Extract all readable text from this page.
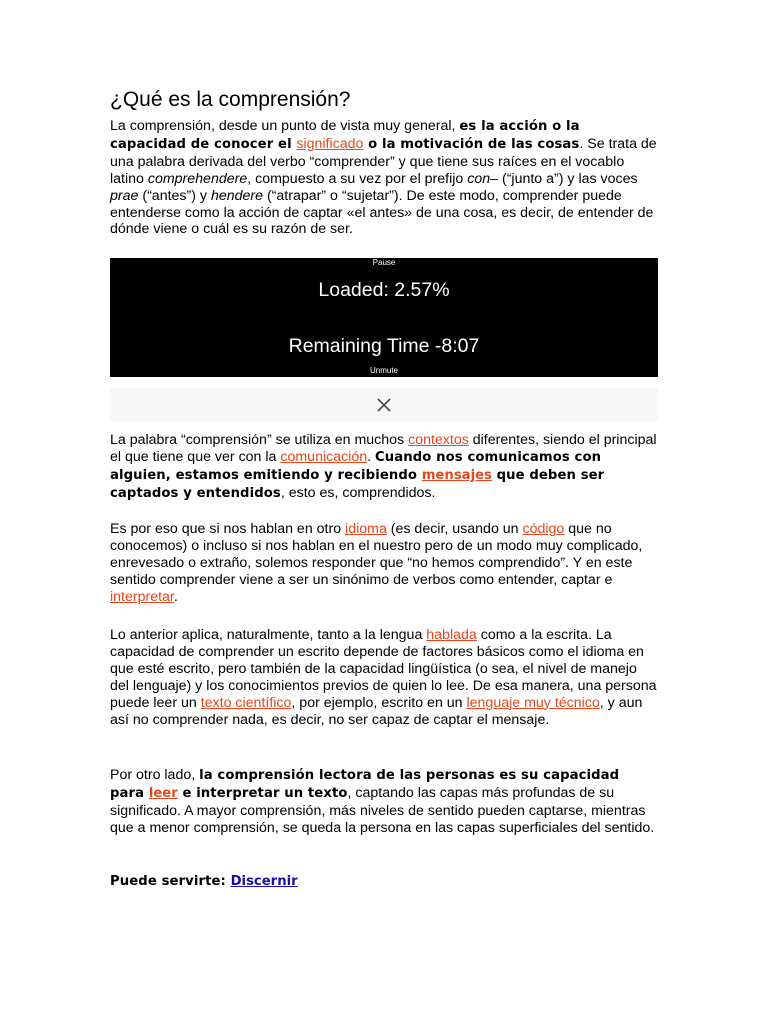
¿Qué es la comprensión?

La comprensión, desde un punto de vista muy general, es la acción o la capacidad de conocer el significado o la motivación de las cosas. Se trata de una palabra derivada del verbo “comprender” y que tiene sus raíces en el vocablo latino comprehendere, compuesto a su vez por el prefijo con– (“junto a”) y las voces prae (“antes”) y hendere (“atrapar” o “sujetar”). De este modo, comprender puede entenderse como la acción de captar «el antes» de una cosa, es decir, de entender de dónde viene o cuál es su razón de ser.

Pause
Loaded: 2.57%
Remaining Time -8:07
Unmute

La palabra “comprensión” se utiliza en muchos contextos diferentes, siendo el principal el que tiene que ver con la comunicación. Cuando nos comunicamos con alguien, estamos emitiendo y recibiendo mensajes que deben ser captados y entendidos, esto es, comprendidos.

Es por eso que si nos hablan en otro idioma (es decir, usando un código que no conocemos) o incluso si nos hablan en el nuestro pero de un modo muy complicado, enrevesado o extraño, solemos responder que “no hemos comprendido”. Y en este sentido comprender viene a ser un sinónimo de verbos como entender, captar e interpretar.

Lo anterior aplica, naturalmente, tanto a la lengua hablada como a la escrita. La capacidad de comprender un escrito depende de factores básicos como el idioma en que esté escrito, pero también de la capacidad lingüística (o sea, el nivel de manejo del lenguaje) y los conocimientos previos de quien lo lee. De esa manera, una persona puede leer un texto científico, por ejemplo, escrito en un lenguaje muy técnico, y aun así no comprender nada, es decir, no ser capaz de captar el mensaje.

Por otro lado, la comprensión lectora de las personas es su capacidad para leer e interpretar un texto, captando las capas más profundas de su significado. A mayor comprensión, más niveles de sentido pueden captarse, mientras que a menor comprensión, se queda la persona en las capas superficiales del sentido.

Puede servirte: Discernir
